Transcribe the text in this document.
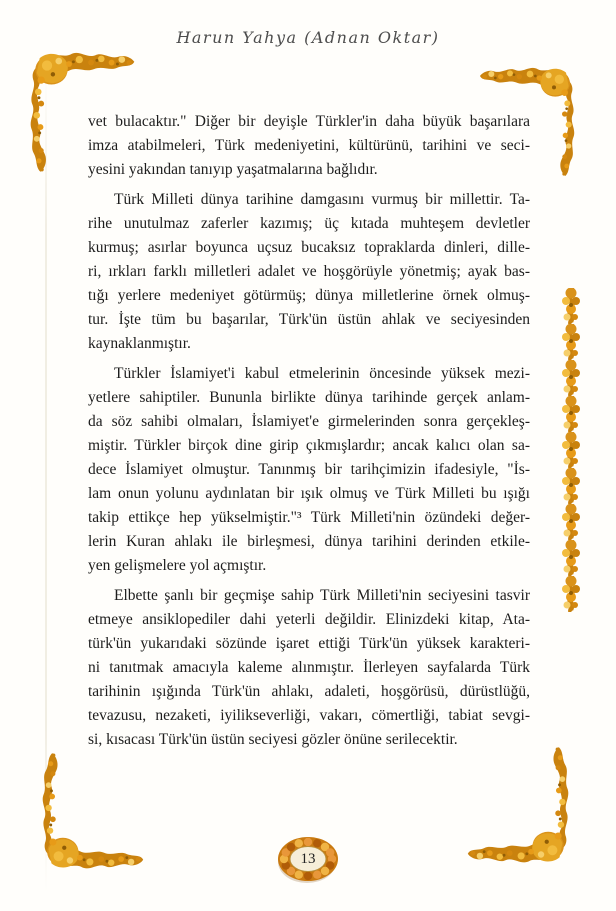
Harun Yahya (Adnan Oktar)
vet bulacaktır." Diğer bir deyişle Türkler'in daha büyük başarılara
imza atabilmeleri, Türk medeniyetini, kültürünü, tarihini ve seci-
yesini yakından tanıyıp yaşatmalarına bağlıdır.
Türk Milleti dünya tarihine damgasını vurmuş bir millettir. Ta-
rihe unutulmaz zaferler kazımış; üç kıtada muhteşem devletler
kurmuş; asırlar boyunca uçsuz bucaksız topraklarda dinleri, dille-
ri, ırkları farklı milletleri adalet ve hoşgörüyle yönetmiş; ayak bas-
tığı yerlere medeniyet götürmüş; dünya milletlerine örnek olmuş-
tur. İşte tüm bu başarılar, Türk'ün üstün ahlak ve seciyesinden
kaynaklanmıştır.
Türkler İslamiyet'i kabul etmelerinin öncesinde yüksek mezi-
yetlere sahiptiler. Bununla birlikte dünya tarihinde gerçek anlam-
da söz sahibi olmaları, İslamiyet'e girmelerinden sonra gerçekleş-
miştir. Türkler birçok dine girip çıkmışlardır; ancak kalıcı olan sa-
dece İslamiyet olmuştur. Tanınmış bir tarihçimizin ifadesiyle, "İs-
lam onun yolunu aydınlatan bir ışık olmuş ve Türk Milleti bu ışığı
takip ettikçe hep yükselmiştir."³ Türk Milleti'nin özündeki değer-
lerin Kuran ahlakı ile birleşmesi, dünya tarihini derinden etkile-
yen gelişmelere yol açmıştır.
Elbette şanlı bir geçmişe sahip Türk Milleti'nin seciyesini tasvir
etmeye ansiklopediler dahi yeterli değildir. Elinizdeki kitap, Ata-
türk'ün yukarıdaki sözünde işaret ettiği Türk'ün yüksek karakteri-
ni tanıtmak amacıyla kaleme alınmıştır. İlerleyen sayfalarda Türk
tarihinin ışığında Türk'ün ahlakı, adaleti, hoşgörüsü, dürüstlüğü,
tevazusu, nezaketi, iyilikseverliği, vakarı, cömertliği, tabiat sevgi-
si, kısacası Türk'ün üstün seciyesi gözler önüne serilecektir.
13
